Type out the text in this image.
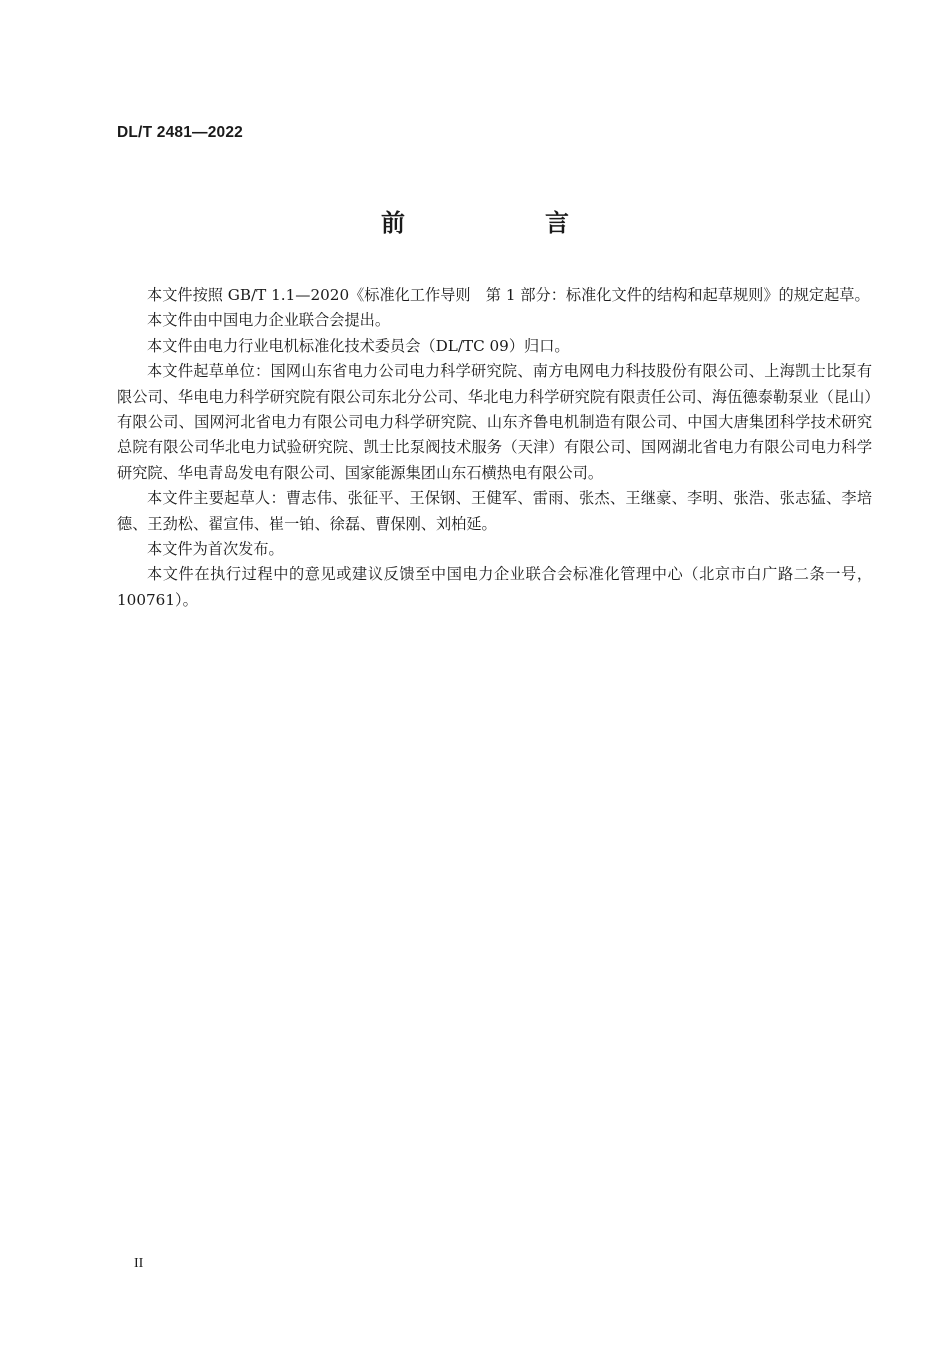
DL/T 2481—2022
前　言

本文件按照 GB/T 1.1—2020《标准化工作导则　第 1 部分：标准化文件的结构和起草规则》的规定起草。

本文件由中国电力企业联合会提出。

本文件由电力行业电机标准化技术委员会（DL/TC 09）归口。

本文件起草单位：国网山东省电力公司电力科学研究院、南方电网电力科技股份有限公司、上海凯士比泵有限公司、华电电力科学研究院有限公司东北分公司、华北电力科学研究院有限责任公司、海伍德泰勒泵业（昆山）有限公司、国网河北省电力有限公司电力科学研究院、山东齐鲁电机制造有限公司、中国大唐集团科学技术研究总院有限公司华北电力试验研究院、凯士比泵阀技术服务（天津）有限公司、国网湖北省电力有限公司电力科学研究院、华电青岛发电有限公司、国家能源集团山东石横热电有限公司。

本文件主要起草人：曹志伟、张征平、王保钢、王健军、雷雨、张杰、王继豪、李明、张浩、张志猛、李培德、王劲松、翟宣伟、崔一铂、徐磊、曹保刚、刘柏延。

本文件为首次发布。

本文件在执行过程中的意见或建议反馈至中国电力企业联合会标准化管理中心（北京市白广路二条一号，100761）。

II
